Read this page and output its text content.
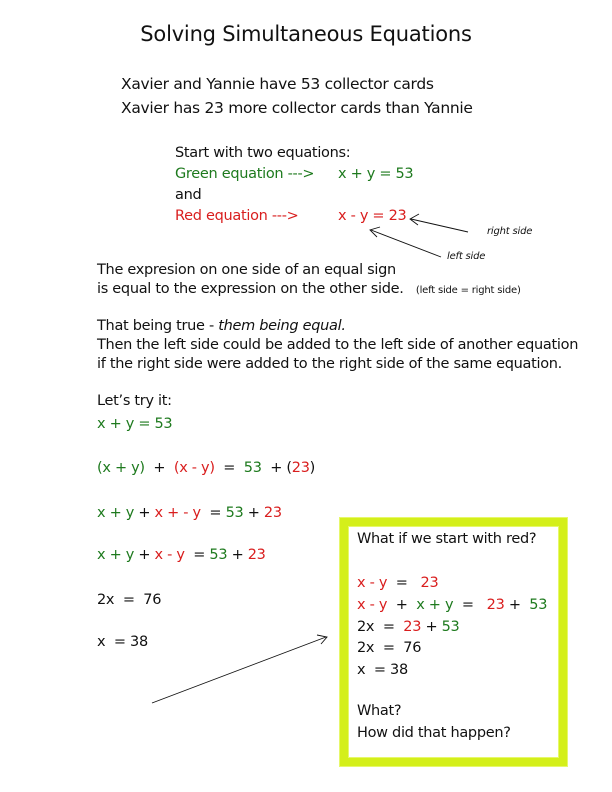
Solving Simultaneous Equations
Xavier and Yannie have 53 collector cards
Xavier has 23 more collector cards than Yannie
Start with two equations:
Green equation ---> x + y = 53
and
Red equation --->	x - y = 23
right side
left side
The expresion on one side of an equal sign
is equal to the expression on the other side. (left side = right side)
That being true - them being equal.
Then the left side could be added to the left side of another equation
if the right side were added to the right side of the same equation.
Let’s try it:
x + y = 53
(x + y)  +  (x - y)  =  53  + (23)
x + y + x + - y  = 53 + 23
x + y + x - y  = 53 + 23
2x  =  76
x  = 38
What if we start with red?
x - y  =   23
x - y  +  x + y  =   23 +  53
2x  =  23 + 53
2x  =  76
x  = 38
What?
How did that happen?
